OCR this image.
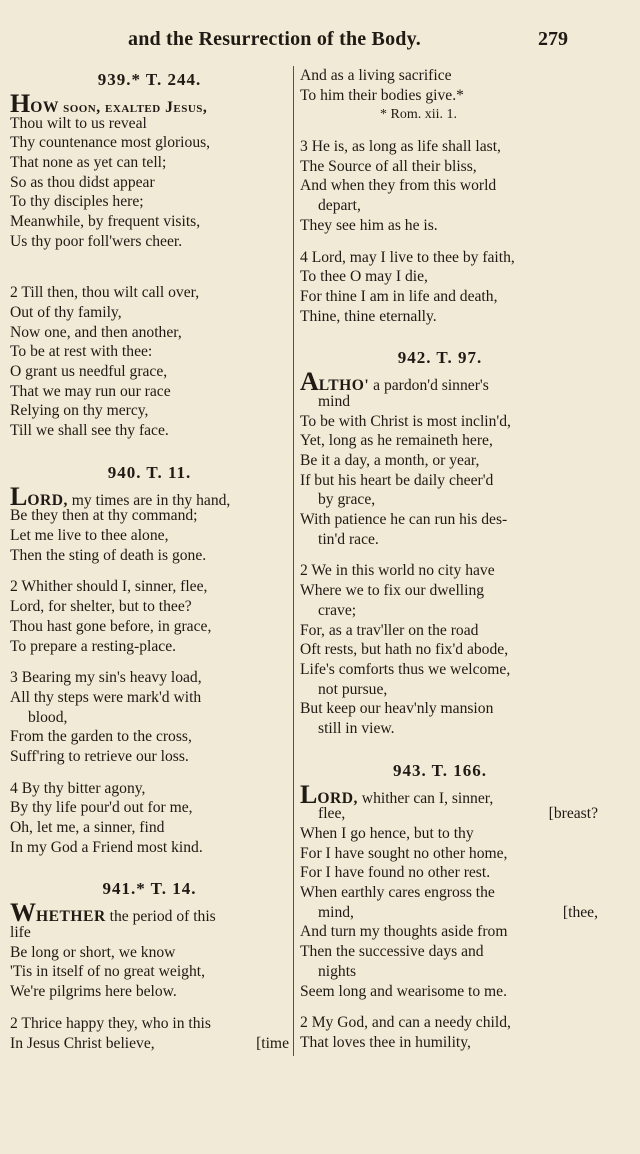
and the Resurrection of the Body.	279
939.* T. 244.
HOW soon, exalted Jesus,
Thou wilt to us reveal
Thy countenance most glorious,
That none as yet can tell;
So as thou didst appear
To thy disciples here;
Meanwhile, by frequent visits,
Us thy poor foll'wers cheer.
2 Till then, thou wilt call over,
Out of thy family,
Now one, and then another,
To be at rest with thee:
O grant us needful grace,
That we may run our race
Relying on thy mercy,
Till we shall see thy face.
940. T. 11.
LORD, my times are in thy hand,
Be they then at thy command;
Let me live to thee alone,
Then the sting of death is gone.
2 Whither should I, sinner, flee,
Lord, for shelter, but to thee?
Thou hast gone before, in grace,
To prepare a resting-place.
3 Bearing my sin's heavy load,
All thy steps were mark'd with
blood,
From the garden to the cross,
Suff'ring to retrieve our loss.
4 By thy bitter agony,
By thy life pour'd out for me,
Oh, let me, a sinner, find
In my God a Friend most kind.
941.* T. 14.
WHETHER the period of this
life
Be long or short, we know
'Tis in itself of no great weight,
We're pilgrims here below.
2 Thrice happy they, who in this
In Jesus Christ believe,	[time
And as a living sacrifice
To him their bodies give.*
* Rom. xii. 1.
3 He is, as long as life shall last,
The Source of all their bliss,
And when they from this world
depart,
They see him as he is.
4 Lord, may I live to thee by faith,
To thee O may I die,
For thine I am in life and death,
Thine, thine eternally.
942. T. 97.
ALTHO' a pardon'd sinner's
mind
To be with Christ is most inclin'd,
Yet, long as he remaineth here,
Be it a day, a month, or year,
If but his heart be daily cheer'd
by grace,
With patience he can run his des-
tin'd race.
2 We in this world no city have
Where we to fix our dwelling
crave;
For, as a trav'ller on the road
Oft rests, but hath no fix'd abode,
Life's comforts thus we welcome,
not pursue,
But keep our heav'nly mansion
still in view.
943. T. 166.
LORD, whither can I, sinner,
flee,	[breast?
When I go hence, but to thy
For I have sought no other home,
For I have found no other rest.
When earthly cares engross the
mind,	[thee,
And turn my thoughts aside from
Then the successive days and
nights
Seem long and wearisome to me.
2 My God, and can a needy child,
That loves thee in humility,
